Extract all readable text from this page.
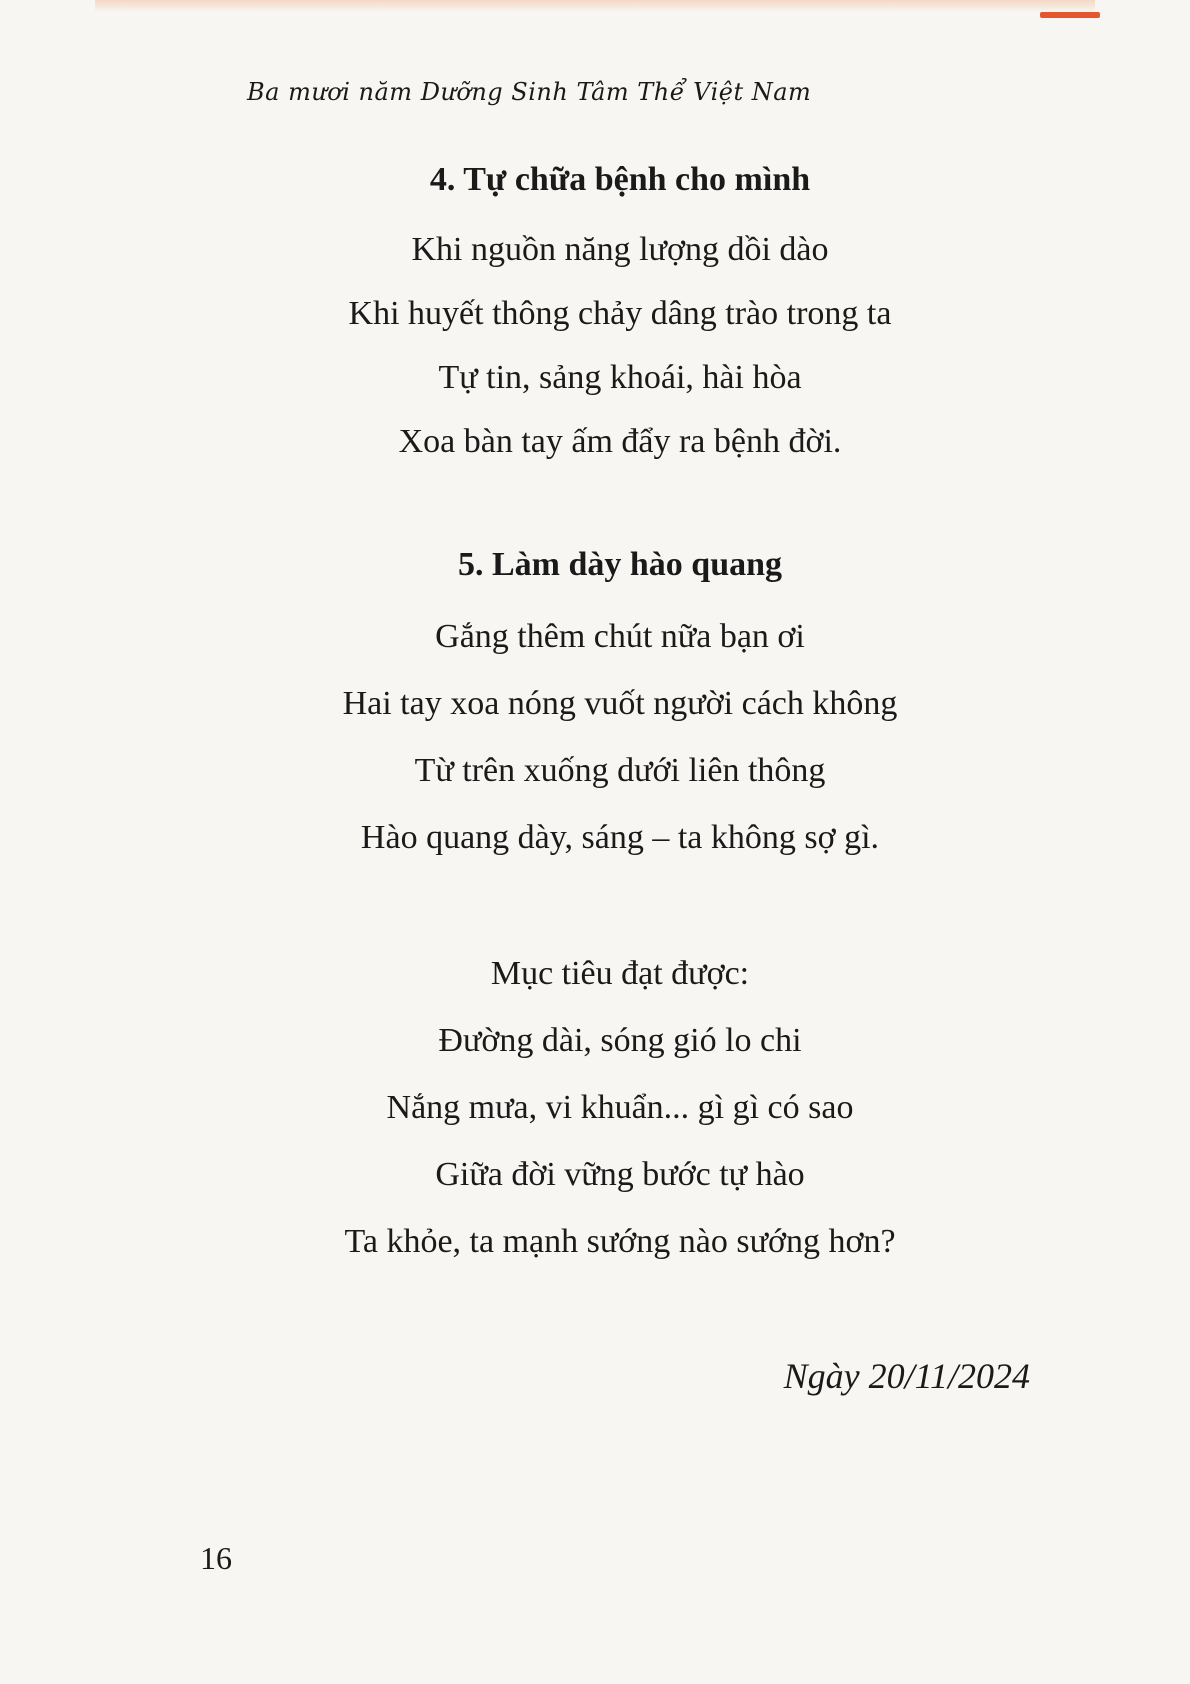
Ba mươi năm Dưỡng Sinh Tâm Thể Việt Nam
4. Tự chữa bệnh cho mình
Khi nguồn năng lượng dồi dào
Khi huyết thông chảy dâng trào trong ta
Tự tin, sảng khoái, hài hòa
Xoa bàn tay ấm đẩy ra bệnh đời.
5. Làm dày hào quang
Gắng thêm chút nữa bạn ơi
Hai tay xoa nóng vuốt người cách không
Từ trên xuống dưới liên thông
Hào quang dày, sáng – ta không sợ gì.
Mục tiêu đạt được:
Đường dài, sóng gió lo chi
Nắng mưa, vi khuẩn... gì gì có sao
Giữa đời vững bước tự hào
Ta khỏe, ta mạnh sướng nào sướng hơn?
Ngày 20/11/2024
16
